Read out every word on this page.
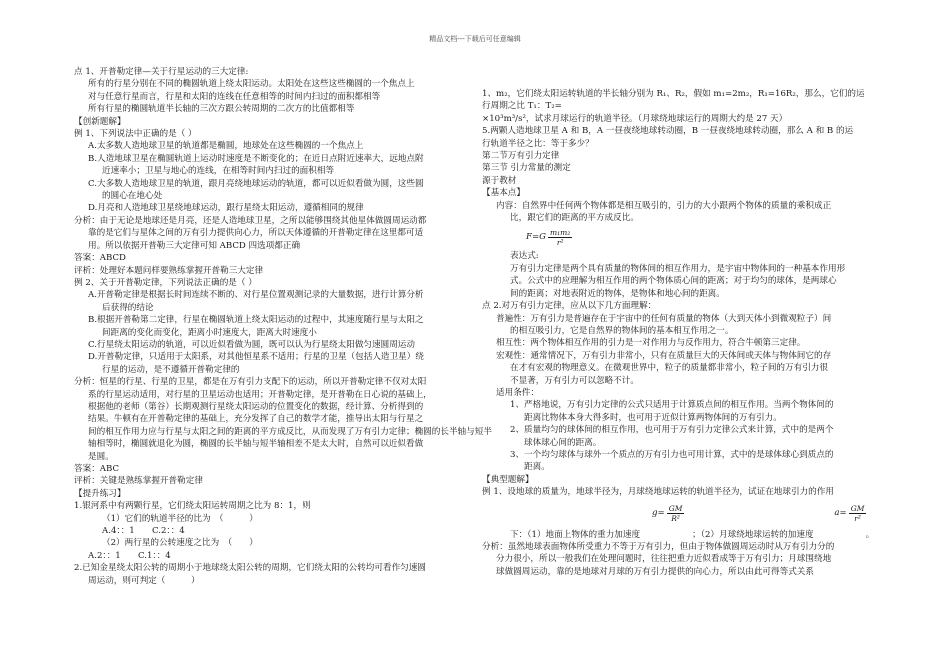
精品文档---下载后可任意编辑

点 1、开普勒定律—关于行星运动的三大定律:

所有的行星分别在不同的椭圆轨道上绕太阳运动。太阳处在这些这些椭圆的一个焦点上

对与任意行星而言，行星和太阳的连线在任意相等的时间内扫过的面积都相等

所有行星的椭圆轨道半长轴的三次方跟公转周期的二次方的比值都相等

【创新题解】

例 1、下列说法中正确的是（ ）

A.太多数人造地球卫星的轨道都是椭圆，地球处在这些椭圆的一个焦点上

B.人造地球卫星在椭圆轨道上运动时速度是不断变化的；在近日点附近速率大，远地点附

近速率小；卫星与地心的连线，在相等时间内扫过的面积相等

C.大多数人造地球卫星的轨道，跟月亮绕地球运动的轨道，都可以近似看做为圆，这些圆

的圆心在地心处

D.月亮和人造地球卫星绕地球运动，跟行星绕太阳运动，遵循相同的规律

分析：由于无论是地球还是月亮，还是人造地球卫星，之所以能够围绕其他星体做圆周运动都

靠的是它们与星体之间的万有引力提供向心力，所以天体遵循的开普勒定律在这里都可适

用。所以依据开普勒三大定律可知 ABCD 四选项都正确

答案：ABCD

评析：处理好本题问样要熟练掌握开普勒三大定律

例 2、关于开普勒定律，下列说法正确的是（ ）

A.开普勒定律是根据长时间连续不断的、对行星位置观测记录的大量数据，进行计算分析

后获得的结论

B.根据开普勒第二定律，行星在椭圆轨道上绕太阳运动的过程中，其速度随行星与太阳之

间距离的变化而变化，距离小时速度大，距离大时速度小

C.行星绕太阳运动的轨道，可以近似看做为圆，既可以认为行星绕太阳做匀速圆周运动

D.开普勒定律，只适用于太阳系，对其他恒星系不适用；行星的卫星（包括人造卫星）绕

行星的运动，是不遵循开普勒定律的

分析：恒星的行星、行星的卫星，都是在万有引力支配下的运动，所以开普勒定律不仅对太阳

系的行星运动适用，对行星的卫星运动也适用；开普勒定律，是开普勒在日心说的基础上，

根据他的老师（第谷）长期观测行星绕太阳运动的位置变化的数据，经计算、分析得到的

结果。牛顿有在开普勒定律的基础上，充分发挥了自己的数学才能，推导出太阳与行星之

间的相互作用力应与行星与太阳之间的距离的平方成反比，从而发现了万有引力定律；椭圆的长半轴与短半

轴相等时，椭圆就退化为圆，椭圆的长半轴与短半轴相差不是太大时，自然可以近似看做

是圆。

答案：ABC

评析：关键是熟练掌握开普勒定律

【提升练习】

1.银河系中有两颗行星，它们绕太阳运转周期之比为 8：1，则

（1）它们的轨道半径的比为　（　　　）

A.4：：1　　C.2：：4

（2）两行星的公转速度之比为　（　　）

A.2：：1　　C.1：：4

2.已知金星绕太阳公转的周期小于地球绕太阳公转的周期，它们绕太阳的公转均可看作匀速圆

周运动，则可判定（　　　）

1、m₂，它们绕太阳运转轨道的半长轴分别为 R₁、R₂，假如 m₁=2m₂，R₁=16R₂，那么，它们的运

行周期之比 T₁：T₂=

×10³m³/s²，试求月球运行的轨道半径。（月球绕地球运行的周期大约是 27 天）

5.两颗人造地球卫星 A 和 B，A 一昼夜绕地球转动圈，B 一昼夜绕地球转动圈，那么 A 和 B 的运

行轨道半径之比：等于多少？

第二节万有引力定律

第三节 引力常量的测定

源于教材

【基本点】

内容：自然界中任何两个物体都是相互吸引的，引力的大小跟两个物体的质量的乘积成正

比，跟它们的距离的平方成反比。

$F=G \frac{\text{m₁m₂}}{\text{r²}}$

表达式:

万有引力定律是两个具有质量的物体间的相互作用力，是宇宙中物体间的一种基本作用形

式。公式中的应理解为相互作用的两个物体质心间的距离；对于均匀的球体，是两球心

间的距离；对地表附近的物体，是物体和地心间的距离。

点 2.对万有引力定律，应从以下几方面理解：

普遍性：万有引力是普遍存在于宇宙中的任何有质量的物体（大到天体小到微观粒子）间

的相互吸引力，它是自然界的物体间的基本相互作用之一。

相互性：两个物体相互作用的引力是一对作用力与反作用力，符合牛顿第三定律。

宏观性：通常情况下，万有引力非常小，只有在质量巨大的天体间或天体与物体间它的存

在才有宏观的物理意义。在微观世界中，粒子的质量都非常小，粒子间的万有引力很

不显著，万有引力可以忽略不计。

适用条件：

1、严格地说，万有引力定律的公式只适用于计算质点间的相互作用。当两个物体间的

距离比物体本身大得多时，也可用于近似计算两物体间的万有引力。

2、质量均匀的球体间的相互作用，也可用于万有引力定律公式来计算，式中的是两个

球体球心间的距离。

3、一个均匀球体与球外一个质点的万有引力也可用计算，式中的是球体球心到质点的

距离。

【典型题解】

例 1、设地球的质量为，地球半径为，月球绕地球运转的轨道半径为，试证在地球引力的作用

$g= \frac{GM}{\text{R²}}$	$a= \frac{GM}{\text{r²}}$

下：（1）地面上物体的重力加速度	；（2）月球绕地球运转的加速度	。

分析：虽然地球表面物体所受重力不等于万有引力，但由于物体做圆周运动时从万有引力分的

分力很小，所以一般我们在处理问题时，往往把重力近似看成等于万有引力；月球围绕地

球做圆周运动，靠的是地球对月球的万有引力提供的向心力，所以由此可得等式关系
